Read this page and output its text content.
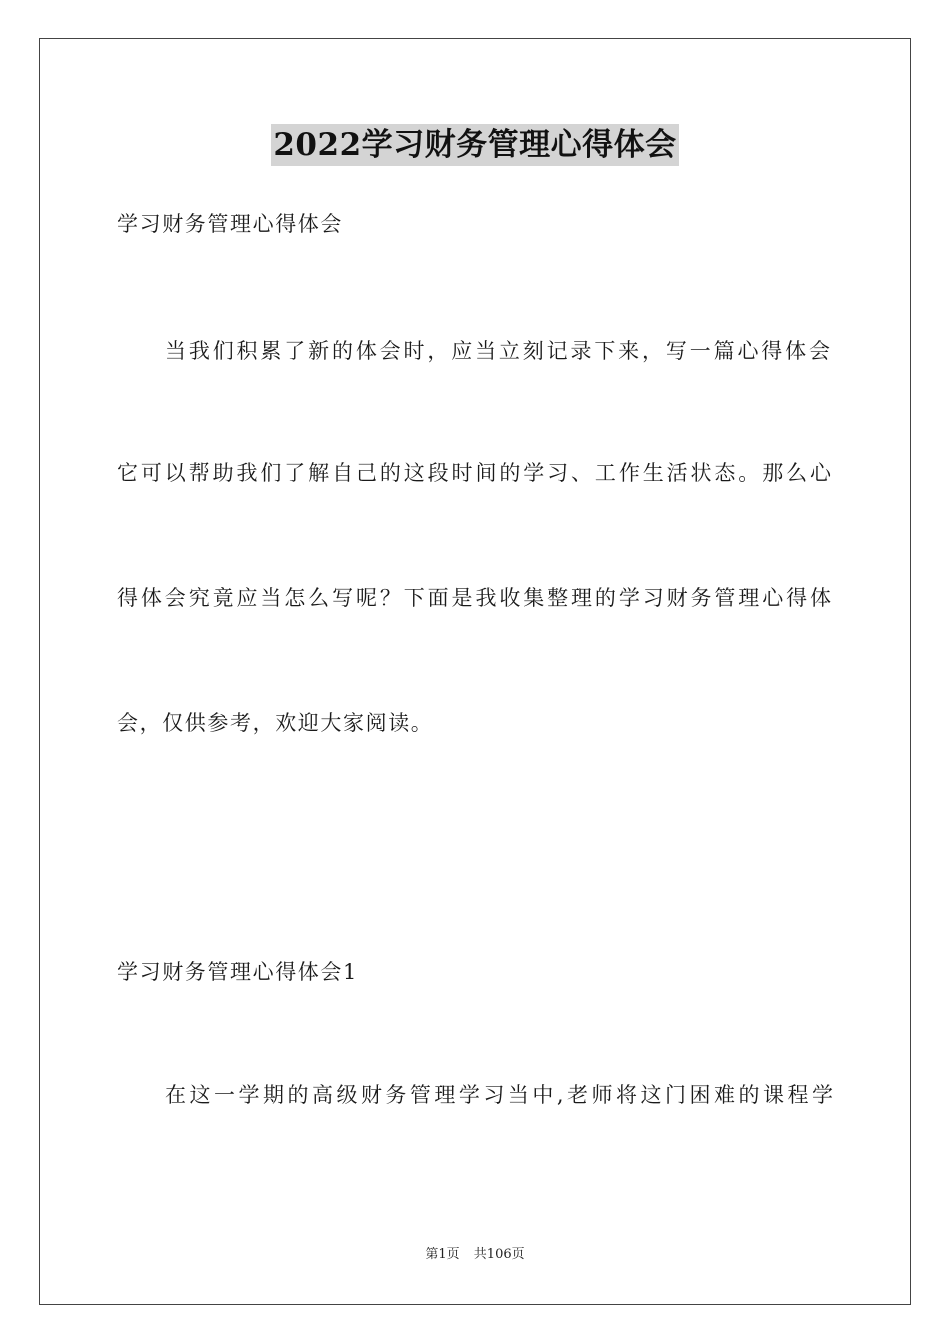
2022学习财务管理心得体会
学习财务管理心得体会
当我们积累了新的体会时，应当立刻记录下来，写一篇心得体会
它可以帮助我们了解自己的这段时间的学习、工作生活状态。那么心
得体会究竟应当怎么写呢？下面是我收集整理的学习财务管理心得体
会，仅供参考，欢迎大家阅读。
学习财务管理心得体会1
在这一学期的高级财务管理学习当中,老师将这门困难的课程学
第1页 共106页
